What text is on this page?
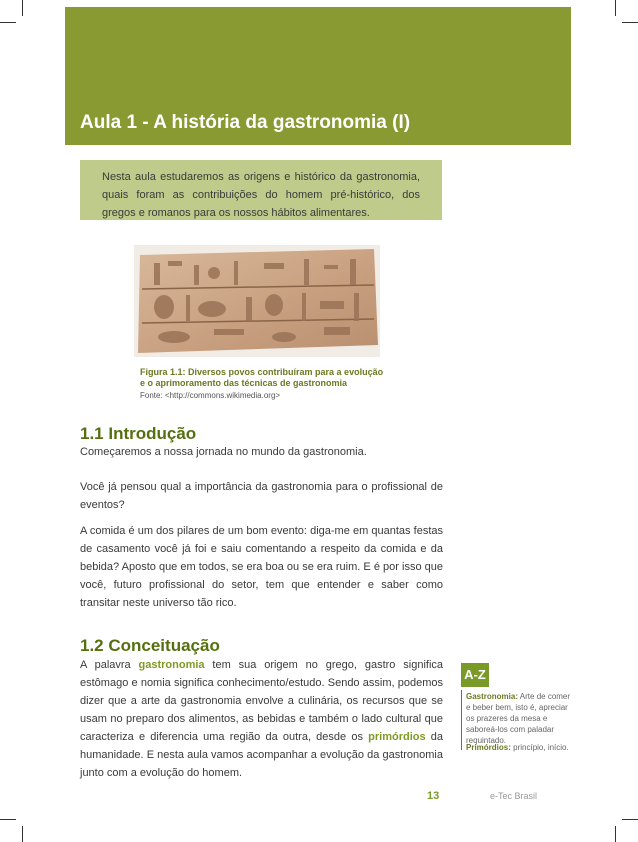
Aula 1 - A história da gastronomia (I)

Nesta aula estudaremos as origens e histórico da gastronomia, quais foram as contribuições do homem pré-histórico, dos gregos e romanos para os nossos hábitos alimentares.

Figura 1.1: Diversos povos contribuíram para a evolução
e o aprimoramento das técnicas de gastronomia

Fonte: <http://commons.wikimedia.org>

1.1 Introdução

Começaremos a nossa jornada no mundo da gastronomia.

Você já pensou qual a importância da gastronomia para o profissional de eventos?

A comida é um dos pilares de um bom evento: diga-me em quantas festas de casamento você já foi e saiu comentando a respeito da comida e da bebida? Aposto que em todos, se era boa ou se era ruim. E é por isso que você, futuro profissional do setor, tem que entender e saber como transitar neste universo tão rico.

1.2 Conceituação

A palavra gastronomia tem sua origem no grego, gastro significa estômago e nomia significa conhecimento/estudo. Sendo assim, podemos dizer que a arte da gastronomia envolve a culinária, os recursos que se usam no preparo dos alimentos, as bebidas e também o lado cultural que caracteriza e diferencia uma região da outra, desde os primórdios da humanidade. E nesta aula vamos acompanhar a evolução da gastronomia junto com a evolução do homem.

A-Z

Gastronomia: Arte de comer e beber bem, isto é, apreciar os prazeres da mesa e saboreá-los com paladar requintado.

Primórdios: princípio, início.

13	e-Tec Brasil
